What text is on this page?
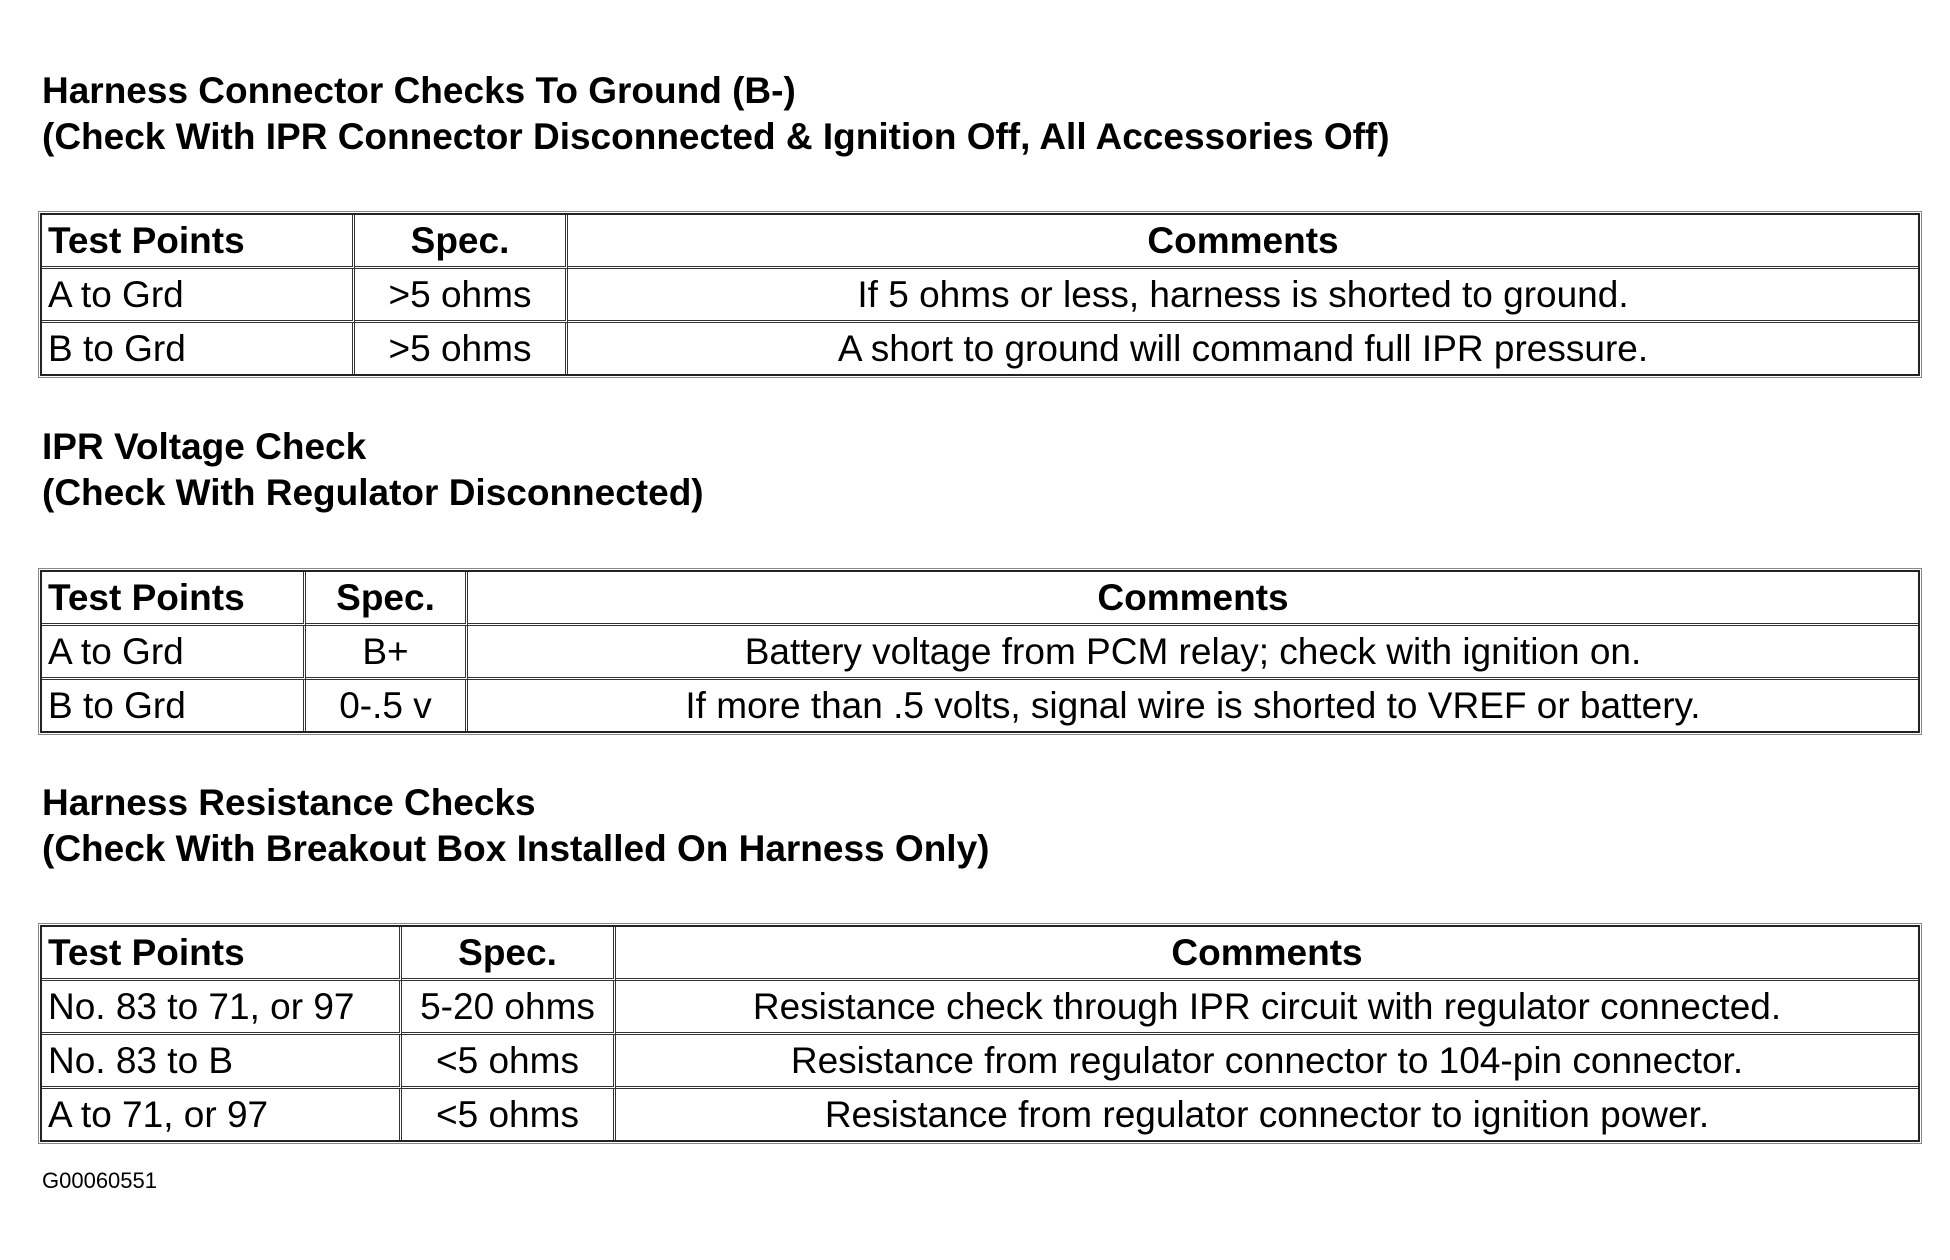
Harness Connector Checks To Ground (B-)
(Check With IPR Connector Disconnected & Ignition Off, All Accessories Off)
Test Points	Spec.	Comments
A to Grd	>5 ohms	If 5 ohms or less, harness is shorted to ground.
B to Grd	>5 ohms	A short to ground will command full IPR pressure.
IPR Voltage Check
(Check With Regulator Disconnected)
Test Points	Spec.	Comments
A to Grd	B+	Battery voltage from PCM relay; check with ignition on.
B to Grd	0-.5 v	If more than .5 volts, signal wire is shorted to VREF or battery.
Harness Resistance Checks
(Check With Breakout Box Installed On Harness Only)
Test Points	Spec.	Comments
No. 83 to 71, or 97	5-20 ohms	Resistance check through IPR circuit with regulator connected.
No. 83 to B	<5 ohms	Resistance from regulator connector to 104-pin connector.
A to 71, or 97	<5 ohms	Resistance from regulator connector to ignition power.
G00060551
